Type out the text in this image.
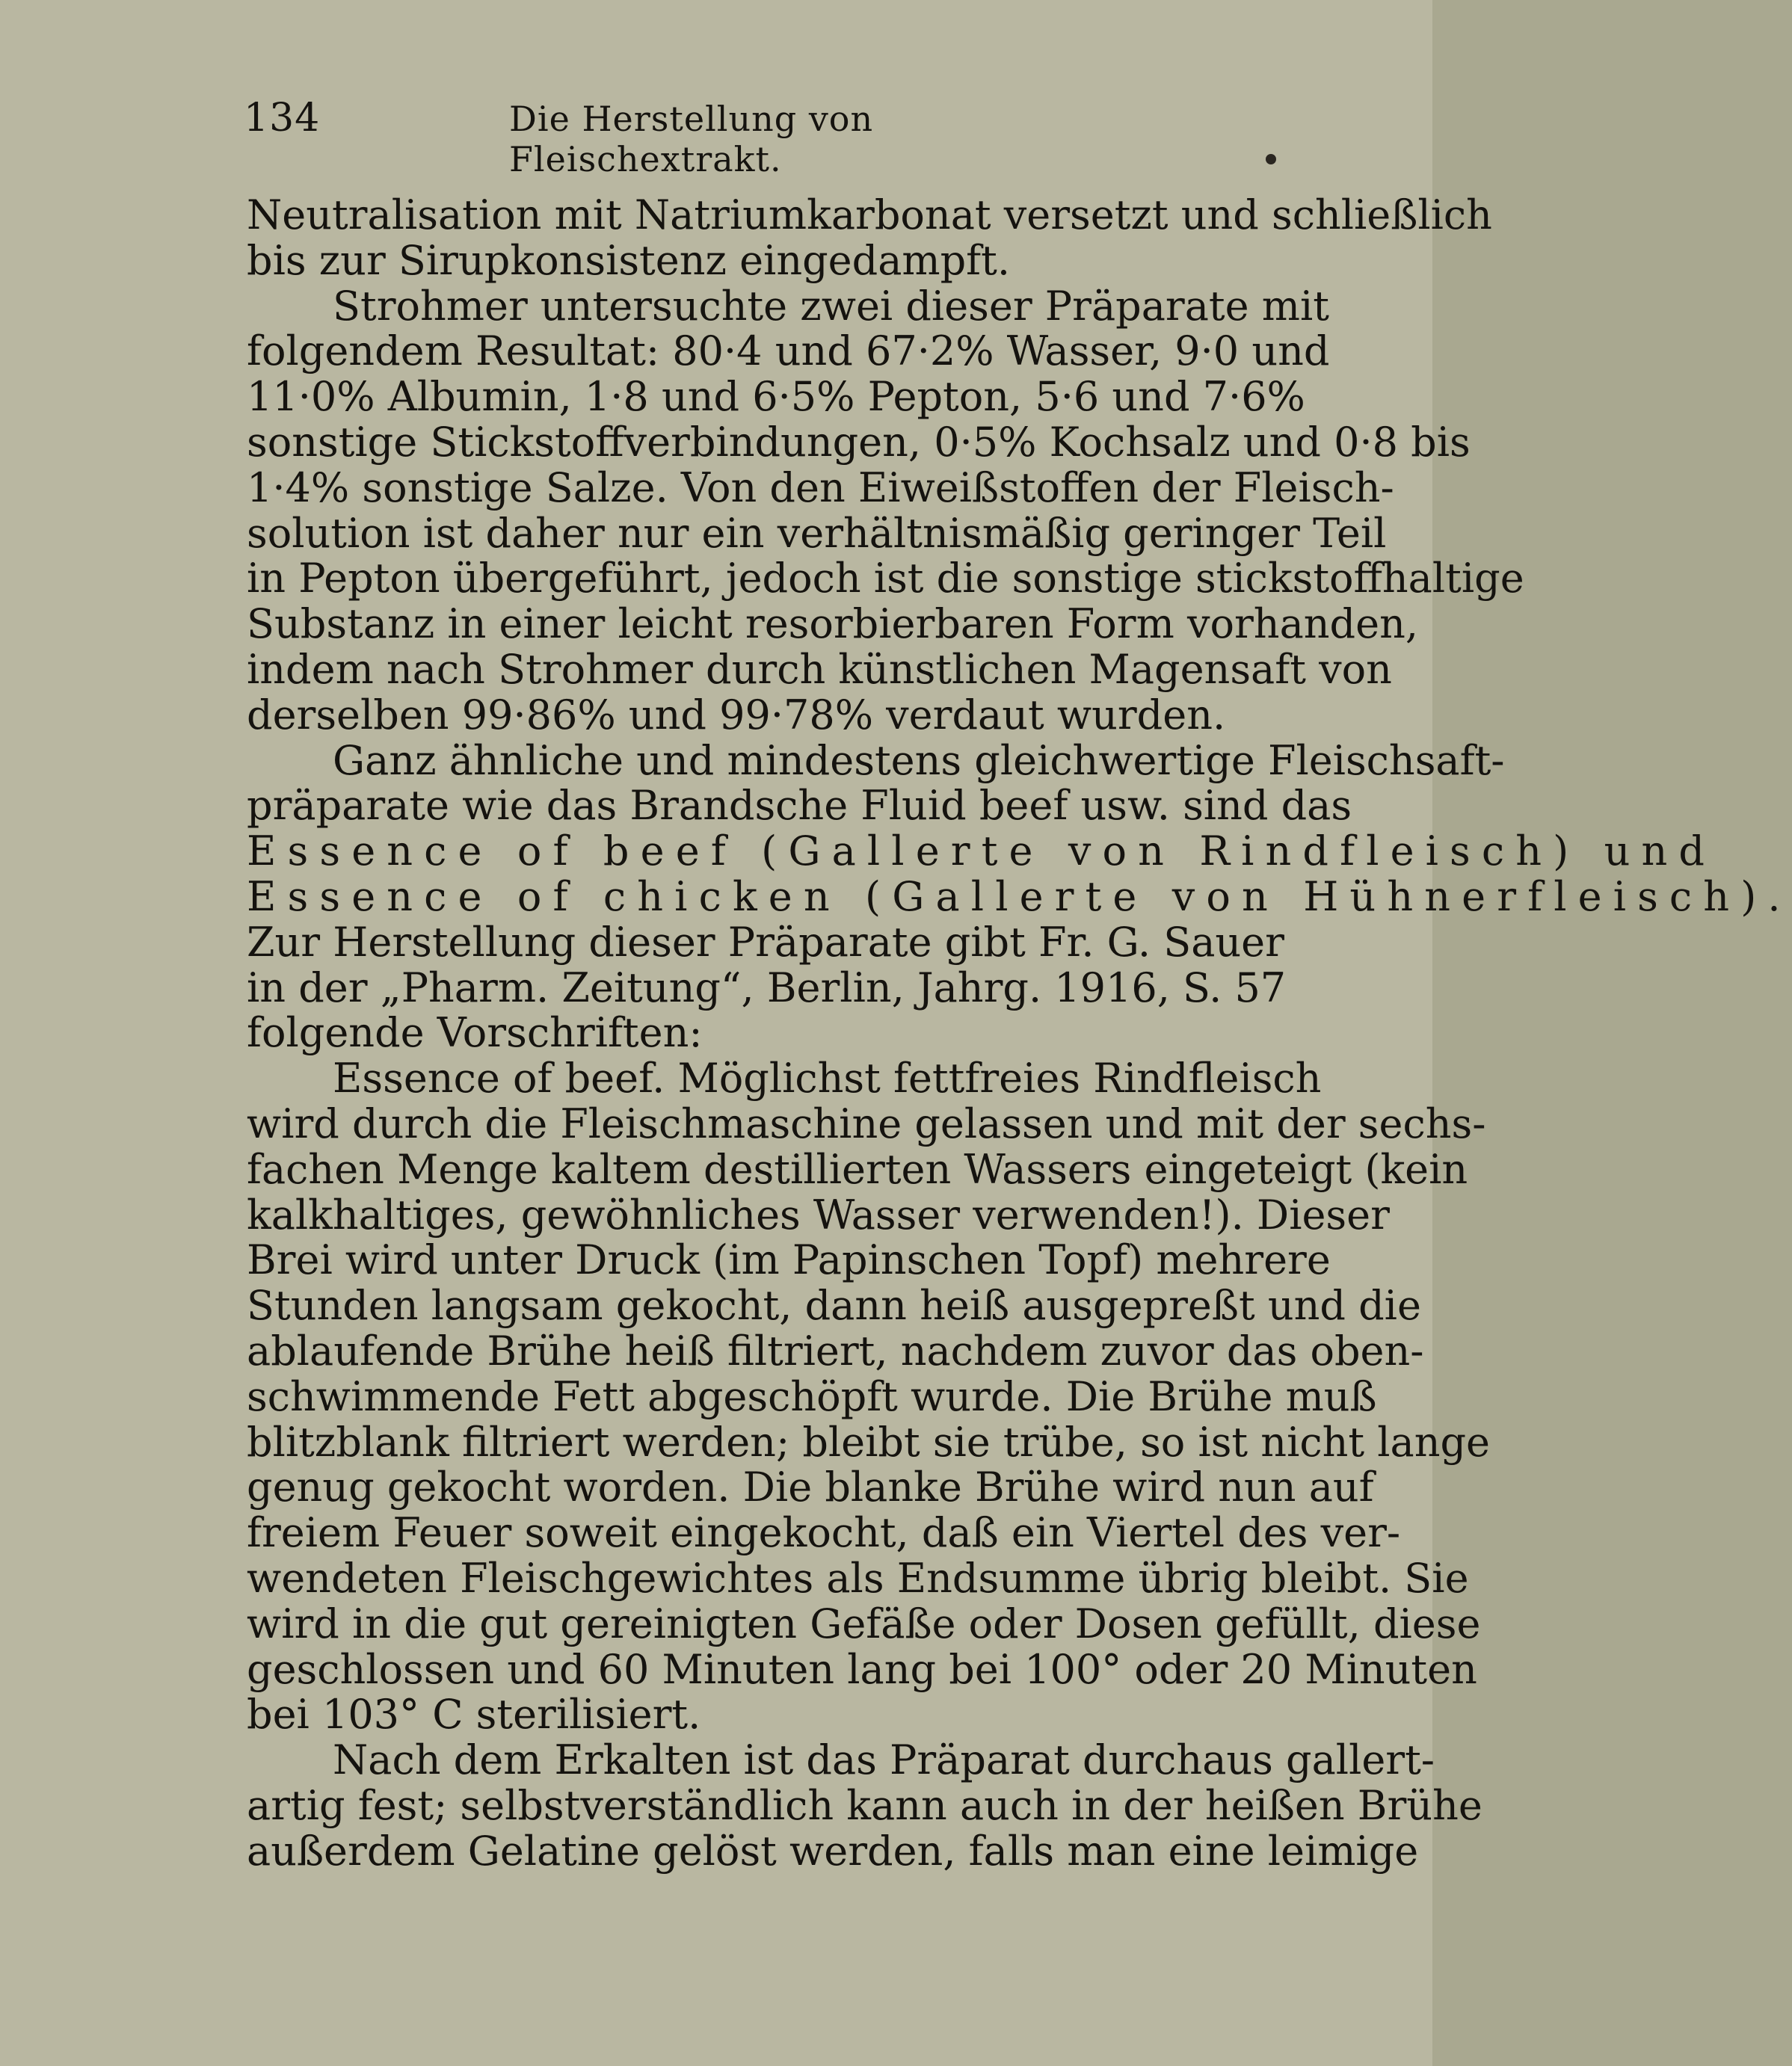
134	Die Herstellung von Fleischextrakt.
Neutralisation mit Natriumkarbonat versetzt und schließlich
bis zur Sirupkonsistenz eingedampft.
Strohmer untersuchte zwei dieser Präparate mit
folgendem Resultat: 80·4 und 67·2% Wasser, 9·0 und
11·0% Albumin, 1·8 und 6·5% Pepton, 5·6 und 7·6%
sonstige Stickstoffverbindungen, 0·5% Kochsalz und 0·8 bis
1·4% sonstige Salze. Von den Eiweißstoffen der Fleisch-
solution ist daher nur ein verhältnismäßig geringer Teil
in Pepton übergeführt, jedoch ist die sonstige stickstoffhaltige
Substanz in einer leicht resorbierbaren Form vorhanden,
indem nach Strohmer durch künstlichen Magensaft von
derselben 99·86% und 99·78% verdaut wurden.
Ganz ähnliche und mindestens gleichwertige Fleischsaft-
präparate wie das Brandsche Fluid beef usw. sind das
Essence of beef (Gallerte von Rindfleisch) und
Essence of chicken (Gallerte von Hühnerfleisch).
Zur Herstellung dieser Präparate gibt Fr. G. Sauer
in der „Pharm. Zeitung“, Berlin, Jahrg. 1916, S. 57
folgende Vorschriften:
Essence of beef. Möglichst fettfreies Rindfleisch
wird durch die Fleischmaschine gelassen und mit der sechs-
fachen Menge kaltem destillierten Wassers eingeteigt (kein
kalkhaltiges, gewöhnliches Wasser verwenden!). Dieser
Brei wird unter Druck (im Papinschen Topf) mehrere
Stunden langsam gekocht, dann heiß ausgepreßt und die
ablaufende Brühe heiß filtriert, nachdem zuvor das oben-
schwimmende Fett abgeschöpft wurde. Die Brühe muß
blitzblank filtriert werden; bleibt sie trübe, so ist nicht lange
genug gekocht worden. Die blanke Brühe wird nun auf
freiem Feuer soweit eingekocht, daß ein Viertel des ver-
wendeten Fleischgewichtes als Endsumme übrig bleibt. Sie
wird in die gut gereinigten Gefäße oder Dosen gefüllt, diese
geschlossen und 60 Minuten lang bei 100° oder 20 Minuten
bei 103° C sterilisiert.
Nach dem Erkalten ist das Präparat durchaus gallert-
artig fest; selbstverständlich kann auch in der heißen Brühe
außerdem Gelatine gelöst werden, falls man eine leimige
